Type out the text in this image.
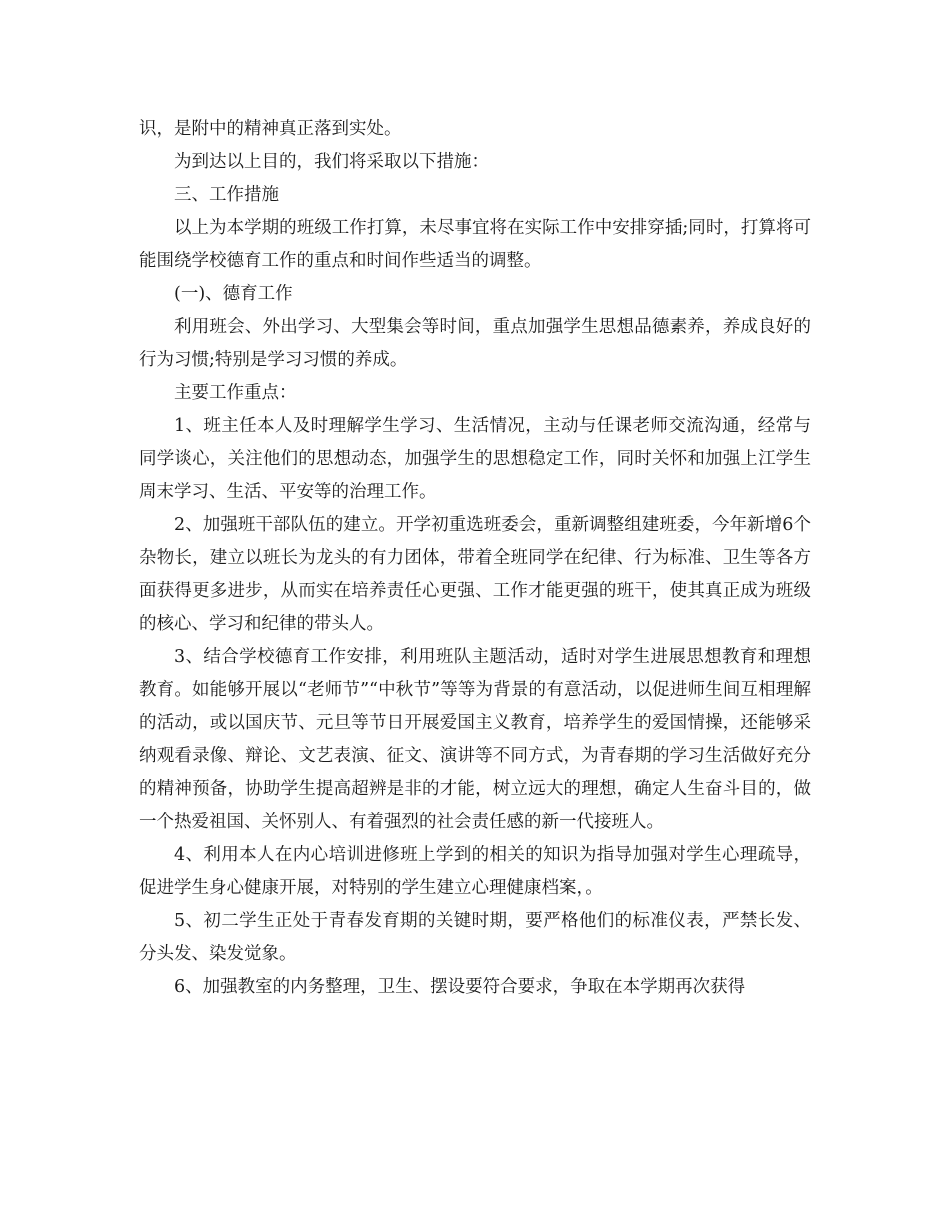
识，是附中的精神真正落到实处。

为到达以上目的，我们将采取以下措施：

三、工作措施

以上为本学期的班级工作打算，未尽事宜将在实际工作中安排穿插;同时，打算将可能围绕学校德育工作的重点和时间作些适当的调整。

(一)、德育工作

利用班会、外出学习、大型集会等时间，重点加强学生思想品德素养，养成良好的行为习惯;特别是学习习惯的养成。

主要工作重点：

1、班主任本人及时理解学生学习、生活情况，主动与任课老师交流沟通，经常与同学谈心，关注他们的思想动态，加强学生的思想稳定工作，同时关怀和加强上江学生周末学习、生活、平安等的治理工作。

2、加强班干部队伍的建立。开学初重选班委会，重新调整组建班委，今年新增6个杂物长，建立以班长为龙头的有力团体，带着全班同学在纪律、行为标准、卫生等各方面获得更多进步，从而实在培养责任心更强、工作才能更强的班干，使其真正成为班级的核心、学习和纪律的带头人。

3、结合学校德育工作安排，利用班队主题活动，适时对学生进展思想教育和理想教育。如能够开展以“老师节”“中秋节”等等为背景的有意活动，以促进师生间互相理解的活动，或以国庆节、元旦等节日开展爱国主义教育，培养学生的爱国情操，还能够采纳观看录像、辩论、文艺表演、征文、演讲等不同方式，为青春期的学习生活做好充分的精神预备，协助学生提高超辨是非的才能，树立远大的理想，确定人生奋斗目的，做一个热爱祖国、关怀别人、有着强烈的社会责任感的新一代接班人。

4、利用本人在内心培训进修班上学到的相关的知识为指导加强对学生心理疏导，促进学生身心健康开展，对特别的学生建立心理健康档案，。

5、初二学生正处于青春发育期的关键时期，要严格他们的标准仪表，严禁长发、分头发、染发觉象。

6、加强教室的内务整理，卫生、摆设要符合要求，争取在本学期再次获得
